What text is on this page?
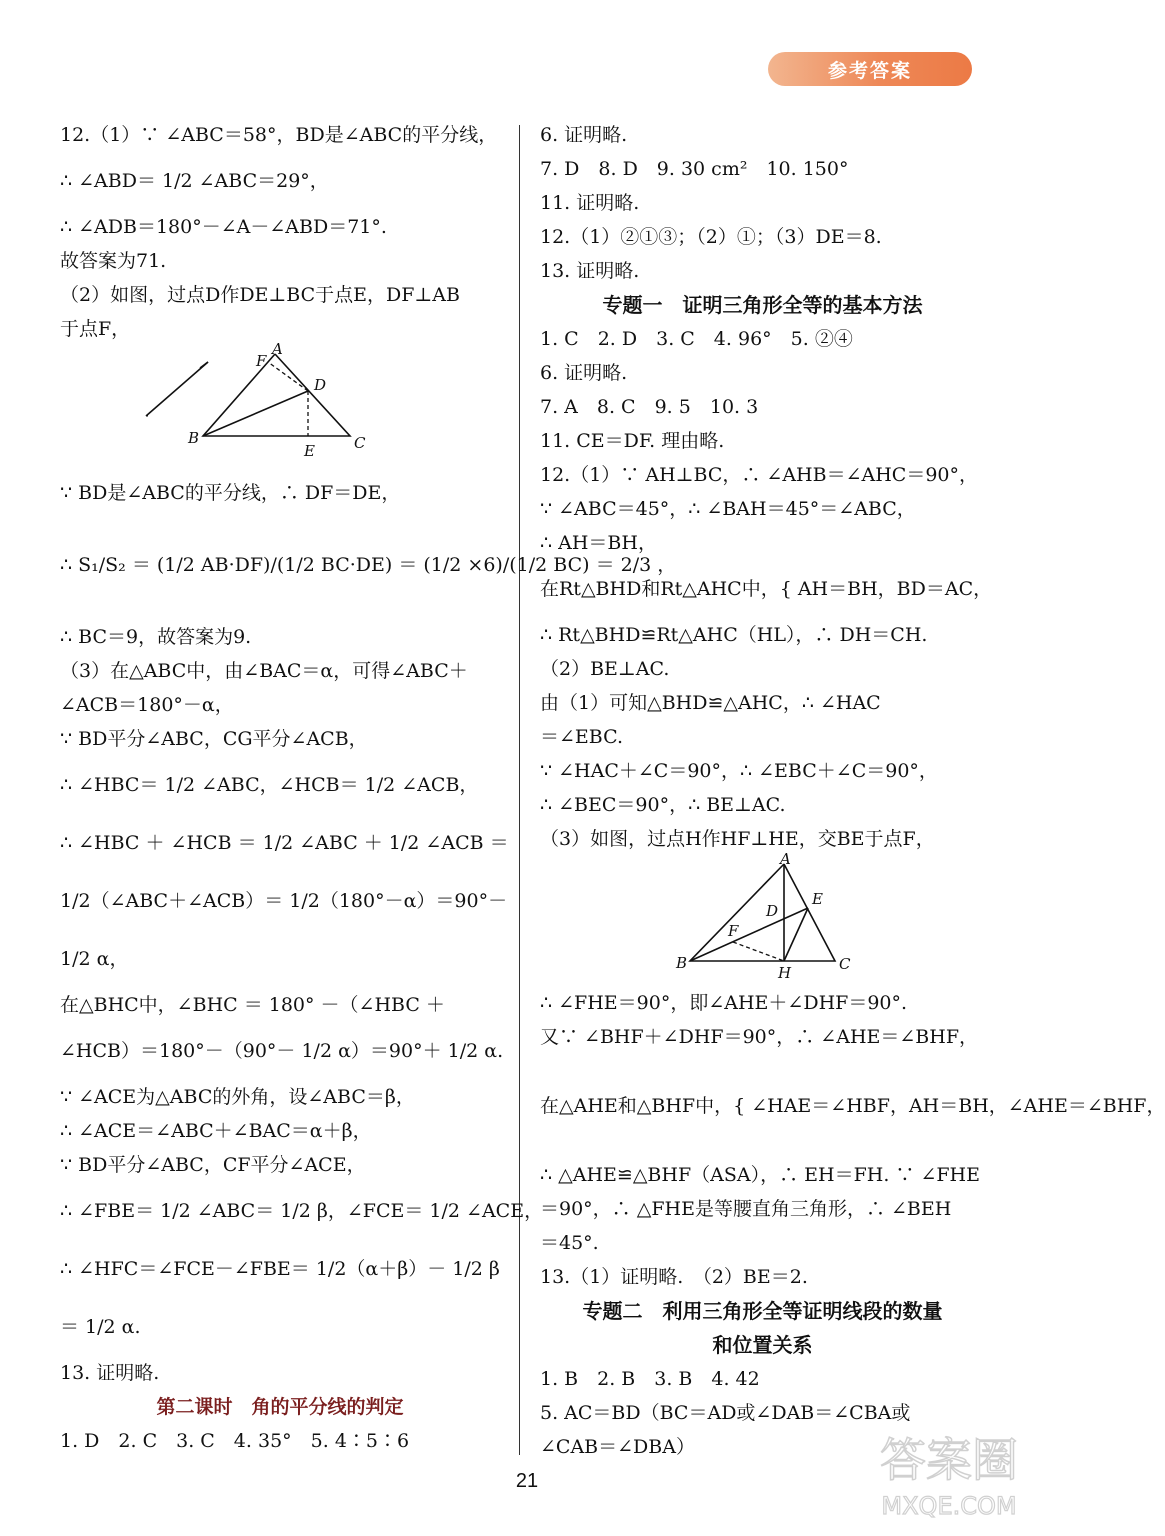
参考答案
12.（1）∵ ∠ABC＝58°，BD是∠ABC的平分线，
∴ ∠ABD＝ 1/2 ∠ABC＝29°，
∴ ∠ADB＝180°－∠A－∠ABD＝71°.
故答案为71.
（2）如图，过点D作DE⊥BC于点E，DF⊥AB
于点F，
A
F
D
B
E	C
∵ BD是∠ABC的平分线，∴ DF＝DE，
∴ S₁/S₂ ＝ (1/2 AB·DF)/(1/2 BC·DE) ＝ (1/2 ×6)/(1/2 BC) ＝ 2/3 ，
∴ BC＝9，故答案为9.
（3）在△ABC中，由∠BAC＝α，可得∠ABC＋
∠ACB＝180°－α，
∵ BD平分∠ABC，CG平分∠ACB，
∴ ∠HBC＝ 1/2 ∠ABC，∠HCB＝ 1/2 ∠ACB，
∴ ∠HBC ＋ ∠HCB ＝ 1/2 ∠ABC ＋ 1/2 ∠ACB ＝
1/2（∠ABC＋∠ACB）＝ 1/2（180°－α）＝90°－
1/2 α，
在△BHC中，∠BHC ＝ 180° －（∠HBC ＋
∠HCB）＝180°－（90°－ 1/2 α）＝90°＋ 1/2 α.
∵ ∠ACE为△ABC的外角，设∠ABC＝β，
∴ ∠ACE＝∠ABC＋∠BAC＝α＋β，
∵ BD平分∠ABC，CF平分∠ACE，
∴ ∠FBE＝ 1/2 ∠ABC＝ 1/2 β，∠FCE＝ 1/2 ∠ACE，
∴ ∠HFC＝∠FCE－∠FBE＝ 1/2（α＋β）－ 1/2 β
＝ 1/2 α.
13. 证明略.
第二课时　角的平分线的判定
1. D　2. C　3. C　4. 35°　5. 4∶5∶6
6. 证明略.
7. D　8. D　9. 30 cm²　10. 150°
11. 证明略.
12.（1）②①③；（2）①；（3）DE＝8.
13. 证明略.
专题一　证明三角形全等的基本方法
1. C　2. D　3. C　4. 96°　5. ②④
6. 证明略.
7. A　8. C　9. 5　10. 3
11. CE＝DF. 理由略.
12.（1）∵ AH⊥BC，∴ ∠AHB＝∠AHC＝90°，
∵ ∠ABC＝45°，∴ ∠BAH＝45°＝∠ABC，
∴ AH＝BH，
在Rt△BHD和Rt△AHC中，{ AH＝BH，BD＝AC，
∴ Rt△BHD≌Rt△AHC（HL），∴ DH＝CH.
（2）BE⊥AC.
由（1）可知△BHD≌△AHC，∴ ∠HAC
＝∠EBC.
∵ ∠HAC＋∠C＝90°，∴ ∠EBC＋∠C＝90°，
∴ ∠BEC＝90°，∴ BE⊥AC.
（3）如图，过点H作HF⊥HE，交BE于点F，
A
E
D
F
B
H	C
∴ ∠FHE＝90°，即∠AHE＋∠DHF＝90°.
又∵ ∠BHF＋∠DHF＝90°，∴ ∠AHE＝∠BHF，
在△AHE和△BHF中，{ ∠HAE＝∠HBF，AH＝BH，∠AHE＝∠BHF，
∴ △AHE≌△BHF（ASA），∴ EH＝FH. ∵ ∠FHE
＝90°，∴ △FHE是等腰直角三角形，∴ ∠BEH
＝45°.
13.（1）证明略.　（2）BE＝2.
专题二　利用三角形全等证明线段的数量
和位置关系
1. B　2. B　3. B　4. 42
5. AC＝BD（BC＝AD或∠DAB＝∠CBA或
∠CAB＝∠DBA）
21	答案圈
MXQE.COM
